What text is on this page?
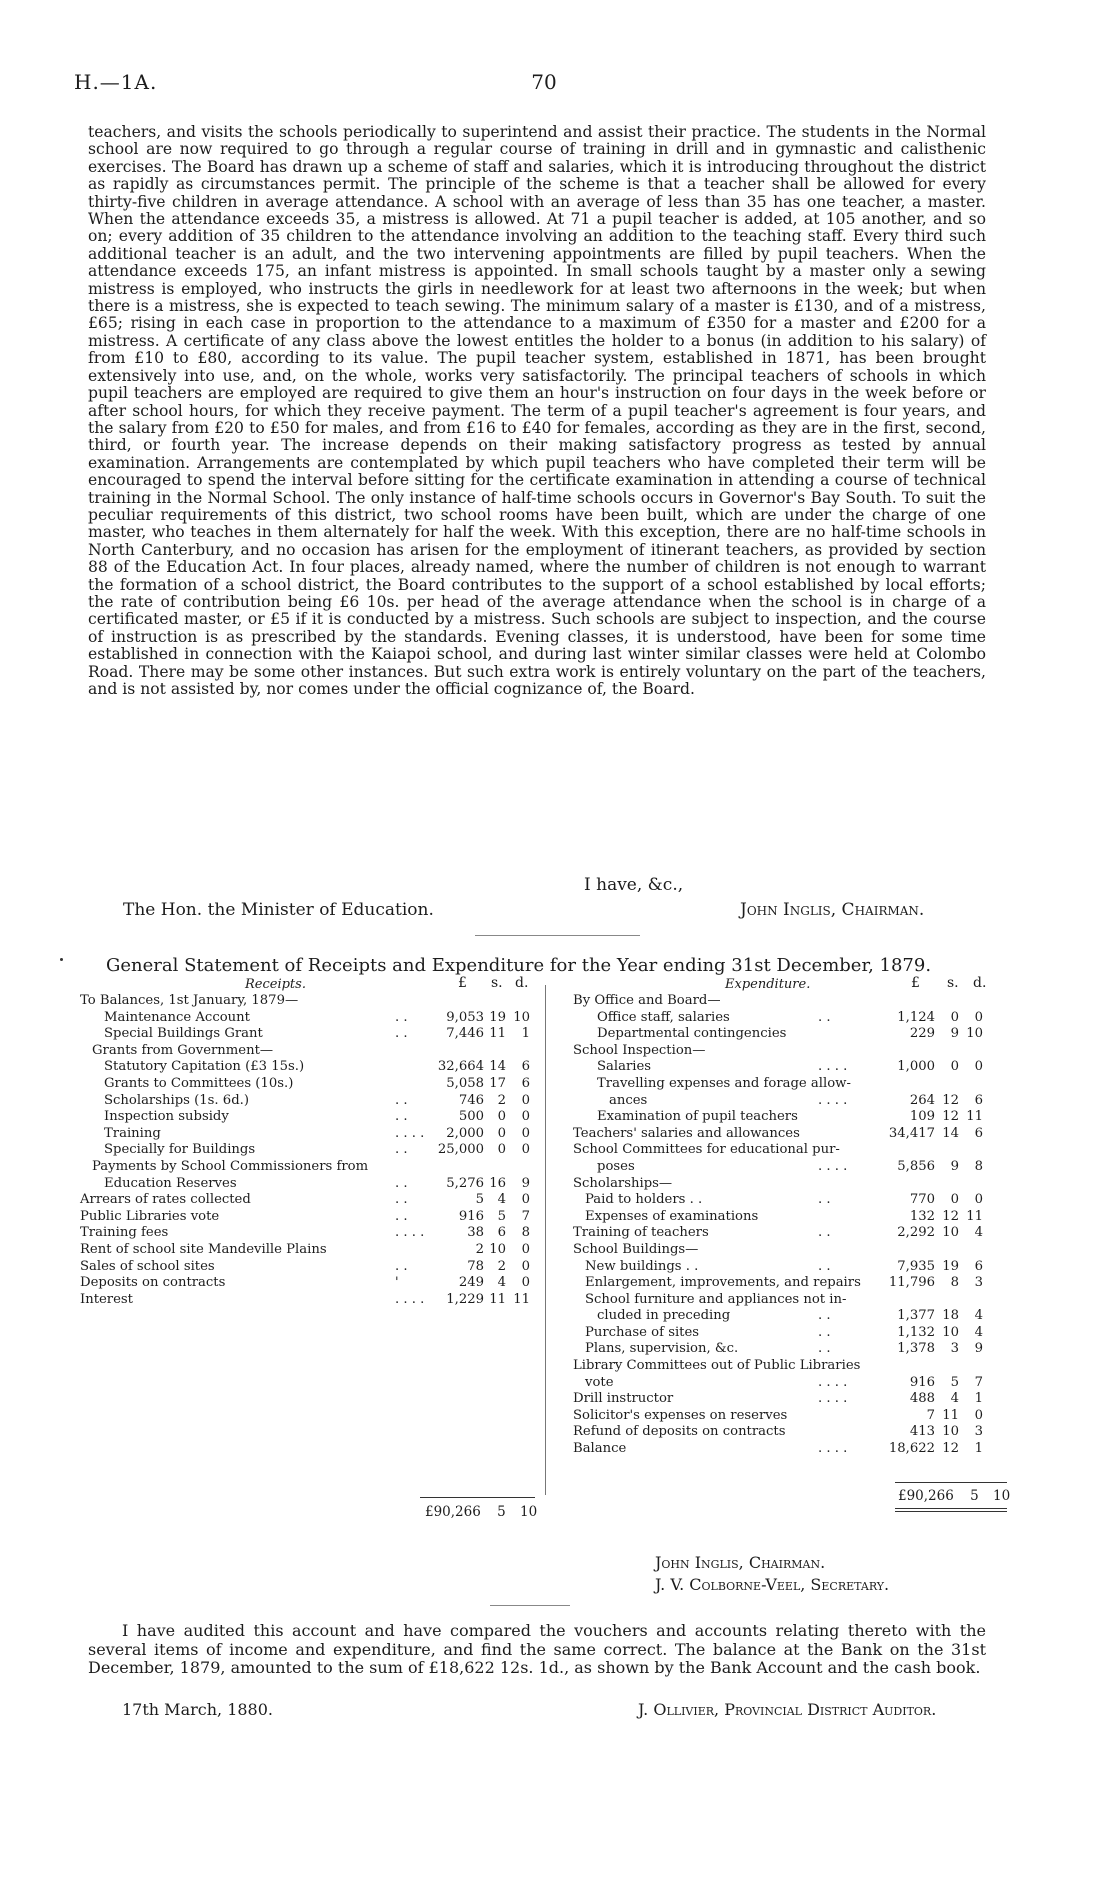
H.—1A.	70

teachers, and visits the schools periodically to superintend and assist their practice. The students in the Normal school are now required to go through a regular course of training in drill and in gymnastic and calisthenic exercises. The Board has drawn up a scheme of staff and salaries, which it is introducing throughout the district as rapidly as circumstances permit. The principle of the scheme is that a teacher shall be allowed for every thirty-five children in average attendance. A school with an average of less than 35 has one teacher, a master. When the attendance exceeds 35, a mistress is allowed. At 71 a pupil teacher is added, at 105 another, and so on; every addition of 35 children to the attendance involving an addition to the teaching staff. Every third such additional teacher is an adult, and the two intervening appointments are filled by pupil teachers. When the attendance exceeds 175, an infant mistress is appointed. In small schools taught by a master only a sewing mistress is employed, who instructs the girls in needlework for at least two afternoons in the week; but when there is a mistress, she is expected to teach sewing. The minimum salary of a master is £130, and of a mistress, £65; rising in each case in proportion to the attendance to a maximum of £350 for a master and £200 for a mistress. A certificate of any class above the lowest entitles the holder to a bonus (in addition to his salary) of from £10 to £80, according to its value. The pupil teacher system, established in 1871, has been brought extensively into use, and, on the whole, works very satisfactorily. The principal teachers of schools in which pupil teachers are employed are required to give them an hour's instruction on four days in the week before or after school hours, for which they receive payment. The term of a pupil teacher's agreement is four years, and the salary from £20 to £50 for males, and from £16 to £40 for females, according as they are in the first, second, third, or fourth year. The increase depends on their making satisfactory progress as tested by annual examination. Arrangements are contemplated by which pupil teachers who have completed their term will be encouraged to spend the interval before sitting for the certificate examination in attending a course of technical training in the Normal School. The only instance of half-time schools occurs in Governor's Bay South. To suit the peculiar requirements of this district, two school rooms have been built, which are under the charge of one master, who teaches in them alternately for half the week. With this exception, there are no half-time schools in North Canterbury, and no occasion has arisen for the employment of itinerant teachers, as provided by section 88 of the Education Act. In four places, already named, where the number of children is not enough to warrant the formation of a school district, the Board contributes to the support of a school established by local efforts; the rate of contribution being £6 10s. per head of the average attendance when the school is in charge of a certificated master, or £5 if it is conducted by a mistress. Such schools are subject to inspection, and the course of instruction is as prescribed by the standards. Evening classes, it is understood, have been for some time established in connection with the Kaiapoi school, and during last winter similar classes were held at Colombo Road. There may be some other instances. But such extra work is entirely voluntary on the part of the teachers, and is not assisted by, nor comes under the official cognizance of, the Board.

I have, &c.,
The Hon. the Minister of Education.	John Inglis, Chairman.
General Statement of Receipts and Expenditure for the Year ending 31st December, 1879.
Receipts.	£ s. d.	Expenditure.	£ s. d.
To Balances, 1st January, 1879—
Maintenance Account	. .	9,053 19 10
Special Buildings Grant	. .	7,446 11	1
Grants from Government—
Statutory Capitation (£3 15s.)	32,664 14	6
Grants to Committees (10s.)	5,058 17	6
Scholarships (1s. 6d.)	. .	746	2	0
Inspection subsidy	. .	500	0	0
Training	. . . .	2,000	0	0
Specially for Buildings	. .	25,000	0	0
Payments by School Commissioners from
Education Reserves	. .	5,276 16	9
Arrears of rates collected	. .	5	4	0
Public Libraries vote	. .	916	5	7
Training fees	. . . .	38	6	8
Rent of school site Mandeville Plains	2 10	0
Sales of school sites	. .	78	2	0
Deposits on contracts	'	249	4	0
Interest	. . . .	1,229 11 11
By Office and Board—
Office staff, salaries	. .	1,124	0	0
Departmental contingencies	229	9 10
School Inspection—
Salaries	. . . .	1,000	0	0
Travelling expenses and forage allow-
ances	. . . .	264 12	6
Examination of pupil teachers	109 12 11
Teachers' salaries and allowances	34,417 14	6
School Committees for educational pur-
poses	. . . .	5,856	9	8
Scholarships—
Paid to holders . .	. .	770	0	0
Expenses of examinations	132 12 11
Training of teachers	. .	2,292 10	4
School Buildings—
New buildings . .	. .	7,935 19	6
Enlargement, improvements, and repairs 11,796	8	3
School furniture and appliances not in-
cluded in preceding	. .	1,377 18	4
Purchase of sites	. .	1,132 10	4
Plans, supervision, &c.	. .	1,378	3	9
Library Committees out of Public Libraries
vote	. . . .	916	5	7
Drill instructor	. . . .	488	4	1
Solicitor's expenses on reserves	7 11	0
Refund of deposits on contracts	413 10	3
Balance	. . . .	18,622 12	1
£90,266 5 10
£90,266 5 10
John Inglis, Chairman.
J. V. Colborne-Veel, Secretary.

I have audited this account and have compared the vouchers and accounts relating thereto with the several items of income and expenditure, and find the same correct. The balance at the Bank on the 31st December, 1879, amounted to the sum of £18,622 12s. 1d., as shown by the Bank Account and the cash book.

17th March, 1880.	J. Ollivier, Provincial District Auditor.
